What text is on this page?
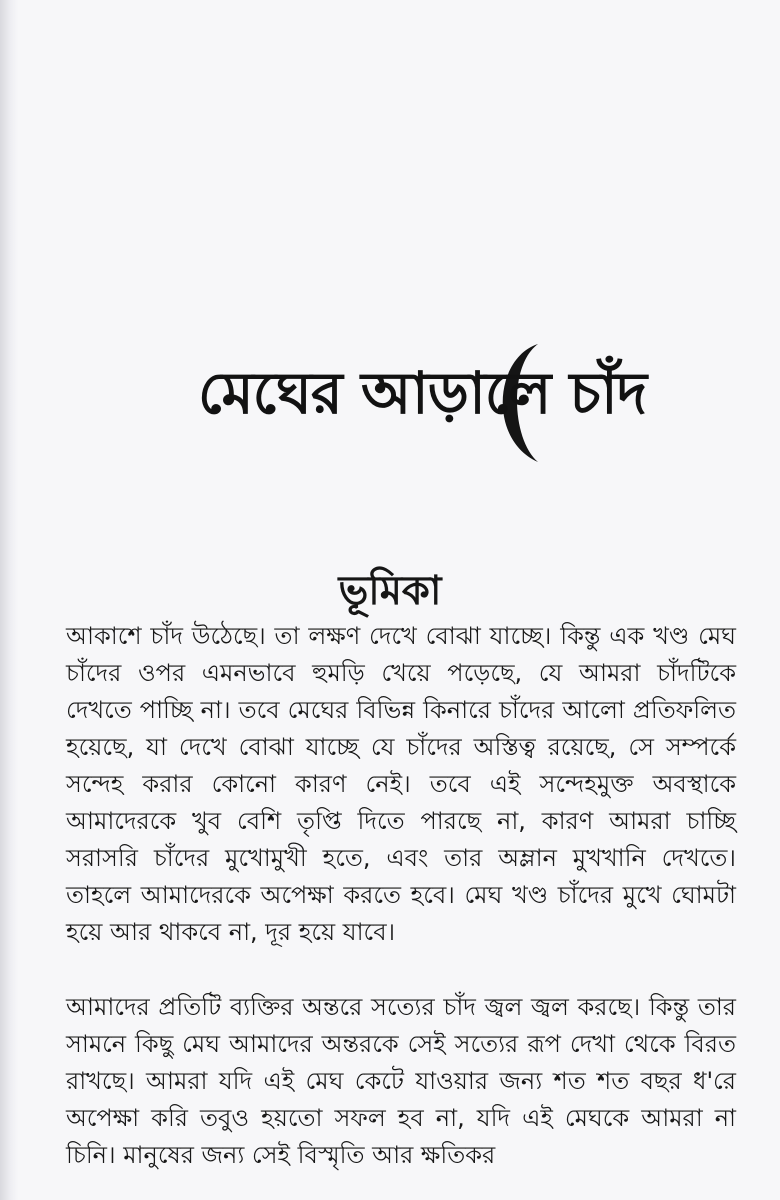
মেঘের আড়ালে চাঁদ
ভূমিকা

আকাশে চাঁদ উঠেছে। তা লক্ষণ দেখে বোঝা যাচ্ছে। কিন্তু এক খণ্ড মেঘ চাঁদের ওপর এমনভাবে হুমড়ি খেয়ে পড়েছে, যে আমরা চাঁদটিকে দেখতে পাচ্ছি না। তবে মেঘের বিভিন্ন কিনারে চাঁদের আলো প্রতিফলিত হয়েছে, যা দেখে বোঝা যাচ্ছে যে চাঁদের অস্তিত্ব রয়েছে, সে সম্পর্কে সন্দেহ করার কোনো কারণ নেই। তবে এই সন্দেহমুক্ত অবস্থাকে আমাদেরকে খুব বেশি তৃপ্তি দিতে পারছে না, কারণ আমরা চাচ্ছি সরাসরি চাঁদের মুখোমুখী হতে, এবং তার অম্লান মুখখানি দেখতে। তাহলে আমাদেরকে অপেক্ষা করতে হবে। মেঘ খণ্ড চাঁদের মুখে ঘোমটা হয়ে আর থাকবে না, দূর হয়ে যাবে।

আমাদের প্রতিটি ব্যক্তির অন্তরে সত্যের চাঁদ জ্বল জ্বল করছে। কিন্তু তার সামনে কিছু মেঘ আমাদের অন্তরকে সেই সত্যের রূপ দেখা থেকে বিরত রাখছে। আমরা যদি এই মেঘ কেটে যাওয়ার জন্য শত শত বছর ধ'রে অপেক্ষা করি তবুও হয়তো সফল হব না, যদি এই মেঘকে আমরা না চিনি। মানুষের জন্য সেই বিস্মৃতি আর ক্ষতিকর
